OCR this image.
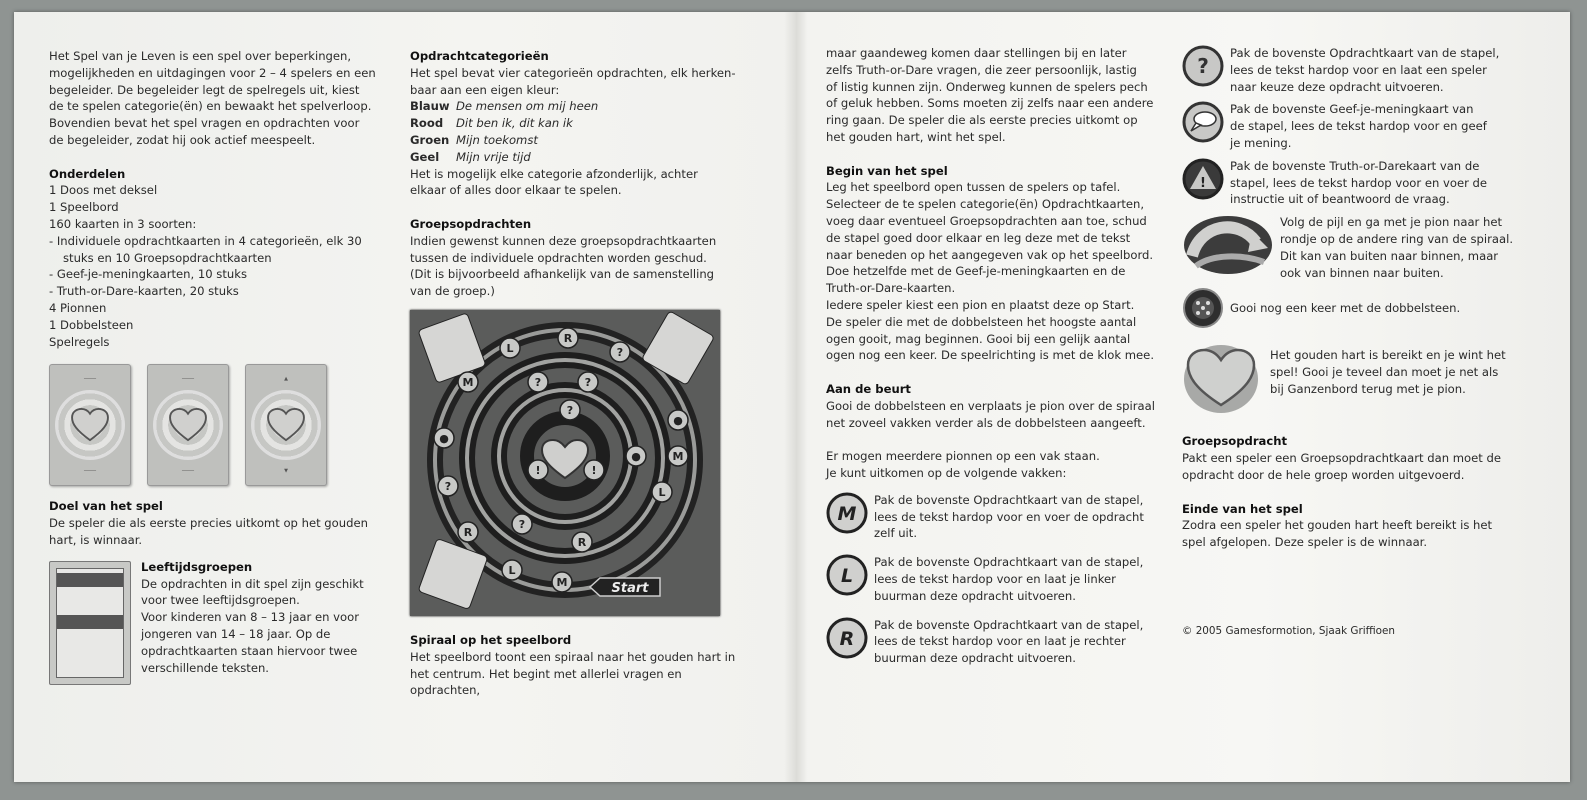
Het Spel van je Leven is een spel over beperkingen,

mogelijkheden en uitdagingen voor 2 – 4 spelers en een

begeleider. De begeleider legt de spelregels uit, kiest

de te spelen categorie(ën) en bewaakt het spelverloop.

Bovendien bevat het spel vragen en opdrachten voor

de begeleider, zodat hij ook actief meespeelt.

Onderdelen

1 Doos met deksel

1 Speelbord

160 kaarten in 3 soorten:

- Individuele opdrachtkaarten in 4 categorieën, elk 30 stuks en 10 Groepsopdrachtkaarten

- Geef-je-meningkaarten, 10 stuks

- Truth-or-Dare-kaarten, 20 stuks

4 Pionnen

1 Dobbelsteen

Spelregels

────
────
────
────
▲
▼

Doel van het spel

De speler die als eerste precies uitkomt op het gouden

hart, is winnaar.

Leeftijdsgroepen

De opdrachten in dit spel zijn geschikt

voor twee leeftijdsgroepen.

Voor kinderen van 8 – 13 jaar en voor

jongeren van 14 – 18 jaar. Op de

opdrachtkaarten staan hiervoor twee

verschillende teksten.

Opdrachtcategorieën

Het spel bevat vier categorieën opdrachten, elk herken-

baar aan een eigen kleur:

Blauw De mensen om mij heen
Rood	Dit ben ik, dit kan ik
Groen Mijn toekomst
Geel	Mijn vrije tijd

Het is mogelijk elke categorie afzonderlijk, achter

elkaar of alles door elkaar te spelen.

Groepsopdrachten

Indien gewenst kunnen deze groepsopdrachtkaarten

tussen de individuele opdrachten worden geschud.

(Dit is bijvoorbeeld afhankelijk van de samenstelling

van de groep.)

L
R
?
M	?	?
●
●
?
M
?	L
R
?
R
L
M
!	!
●
Start

Spiraal op het speelbord

Het speelbord toont een spiraal naar het gouden hart in

het centrum. Het begint met allerlei vragen en opdrachten,

maar gaandeweg komen daar stellingen bij en later

zelfs Truth-or-Dare vragen, die zeer persoonlijk, lastig

of listig kunnen zijn. Onderweg kunnen de spelers pech

of geluk hebben. Soms moeten zij zelfs naar een andere

ring gaan. De speler die als eerste precies uitkomt op

het gouden hart, wint het spel.

Begin van het spel

Leg het speelbord open tussen de spelers op tafel.

Selecteer de te spelen categorie(ën) Opdrachtkaarten,

voeg daar eventueel Groepsopdrachten aan toe, schud

de stapel goed door elkaar en leg deze met de tekst

naar beneden op het aangegeven vak op het speelbord.

Doe hetzelfde met de Geef-je-meningkaarten en de

Truth-or-Dare-kaarten.

Iedere speler kiest een pion en plaatst deze op Start.

De speler die met de dobbelsteen het hoogste aantal

ogen gooit, mag beginnen. Gooi bij een gelijk aantal

ogen nog een keer. De speelrichting is met de klok mee.

Aan de beurt

Gooi de dobbelsteen en verplaats je pion over de spiraal

net zoveel vakken verder als de dobbelsteen aangeeft.

Er mogen meerdere pionnen op een vak staan.

Je kunt uitkomen op de volgende vakken:

M

Pak de bovenste Opdrachtkaart van de stapel,

lees de tekst hardop voor en voer de opdracht

zelf uit.

L

Pak de bovenste Opdrachtkaart van de stapel,

lees de tekst hardop voor en laat je linker

buurman deze opdracht uitvoeren.

R

Pak de bovenste Opdrachtkaart van de stapel,

lees de tekst hardop voor en laat je rechter

buurman deze opdracht uitvoeren.

?

Pak de bovenste Opdrachtkaart van de stapel,

lees de tekst hardop voor en laat een speler

naar keuze deze opdracht uitvoeren.

Pak de bovenste Geef-je-meningkaart van

de stapel, lees de tekst hardop voor en geef

je mening.

!

Pak de bovenste Truth-or-Darekaart van de

stapel, lees de tekst hardop voor en voer de

instructie uit of beantwoord de vraag.

Volg de pijl en ga met je pion naar het

rondje op de andere ring van de spiraal.

Dit kan van buiten naar binnen, maar

ook van binnen naar buiten.

Gooi nog een keer met de dobbelsteen.

Het gouden hart is bereikt en je wint het

spel! Gooi je teveel dan moet je net als

bij Ganzenbord terug met je pion.

Groepsopdracht

Pakt een speler een Groepsopdrachtkaart dan moet de

opdracht door de hele groep worden uitgevoerd.

Einde van het spel

Zodra een speler het gouden hart heeft bereikt is het

spel afgelopen. Deze speler is de winnaar.

© 2005 Gamesformotion, Sjaak Griffioen
